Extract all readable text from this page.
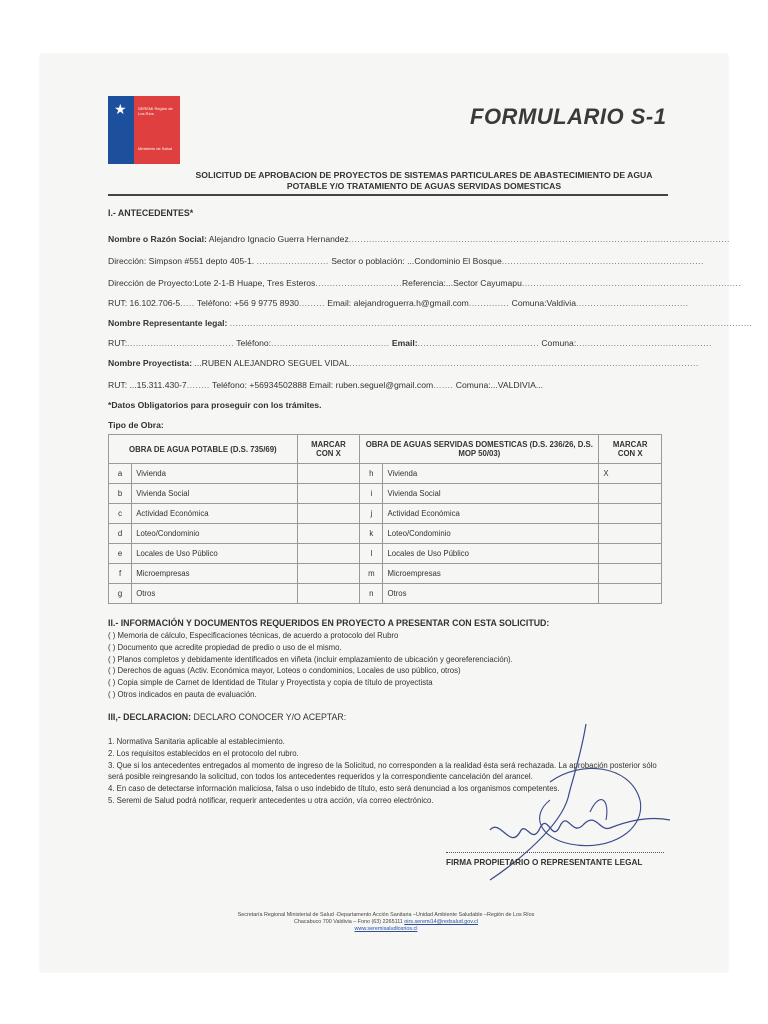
★	SEREMI Región de Los Ríos
Ministerio de Salud
FORMULARIO S-1
SOLICITUD DE APROBACION DE PROYECTOS DE SISTEMAS PARTICULARES DE ABASTECIMIENTO DE AGUA POTABLE Y/O TRATAMIENTO DE AGUAS SERVIDAS DOMESTICAS
I.- ANTECEDENTES*
Nombre o Razón Social: Alejandro Ignacio Guerra Hernandez....................................................................................................................................
Dirección: Simpson #551 depto 405-1. ......................... Sector o población: ...Condominio El Bosque......................................................................
Dirección de Proyecto:Lote 2-1-B Huape, Tres Esteros..............................Referencia:...Sector Cayumapu............................................................................
RUT: 16.102.706-5..... Teléfono: +56 9 9775 8930......... Email: alejandroguerra.h@gmail.com.............. Comuna:Valdivia.......................................
Nombre Representante legal: .....................................................................................................................................................................................
RUT:..................................... Teléfono:......................................... Email:.......................................... Comuna:...............................................
Nombre Proyectista: ...RUBEN ALEJANDRO SEGUEL VIDAL.........................................................................................................................
RUT: ...15.311.430-7........ Teléfono: +56934502888 Email: ruben.seguel@gmail.com....... Comuna:...VALDIVIA...
*Datos Obligatorios para proseguir con los trámites.
Tipo de Obra:
OBRA DE AGUA POTABLE (D.S. 735/69)		MARCAR CON X	OBRA DE AGUAS SERVIDAS DOMESTICAS (D.S. 236/26, D.S. MOP 50/03)		MARCAR CON X
a	Vivienda		h	Vivienda	X
b	Vivienda Social		i	Vivienda Social	
c	Actividad Económica		j	Actividad Económica	
d	Loteo/Condominio		k	Loteo/Condominio	
e	Locales de Uso Público		l	Locales de Uso Público	
f	Microempresas		m	Microempresas	
g	Otros		n	Otros	
II.- INFORMACIÓN Y DOCUMENTOS REQUERIDOS EN PROYECTO A PRESENTAR CON ESTA SOLICITUD:
( ) Memoria de cálculo, Especificaciones técnicas, de acuerdo a protocolo del Rubro
( ) Documento que acredite propiedad de predio o uso de el mismo.
( ) Planos completos y debidamente identificados en viñeta (incluir emplazamiento de ubicación y georeferenciación).
( ) Derechos de aguas (Activ. Económica mayor, Loteos o condominios, Locales de uso público, otros)
( ) Copia simple de Carnet de Identidad de Titular y Proyectista y copia de título de proyectista
( ) Otros indicados en pauta de evaluación.
III,- DECLARACION: DECLARO CONOCER Y/O ACEPTAR:
1. Normativa Sanitaria aplicable al establecimiento.
2. Los requisitos establecidos en el protocolo del rubro.
3. Que si los antecedentes entregados al momento de ingreso de la Solicitud, no corresponden a la realidad ésta será rechazada. La aprobación posterior sólo será posible reingresando la solicitud, con todos los antecedentes requeridos y la correspondiente cancelación del arancel.
4. En caso de detectarse información maliciosa, falsa o uso indebido de título, esto será denunciad a los organismos competentes.
5. Seremi de Salud podrá notificar, requerir antecedentes u otra acción, vía correo electrónico.
FIRMA PROPIETARIO O REPRESENTANTE LEGAL
Secretaría Regional Ministerial de Salud -Departamento Acción Sanitaria –Unidad Ambiente Saludable –Región de Los Ríos
Chacabuco 700 Valdivia – Fono (63) 2265111 oirs.seremi14@redsalud.gov.cl
www.seremisaludlosrios.cl
